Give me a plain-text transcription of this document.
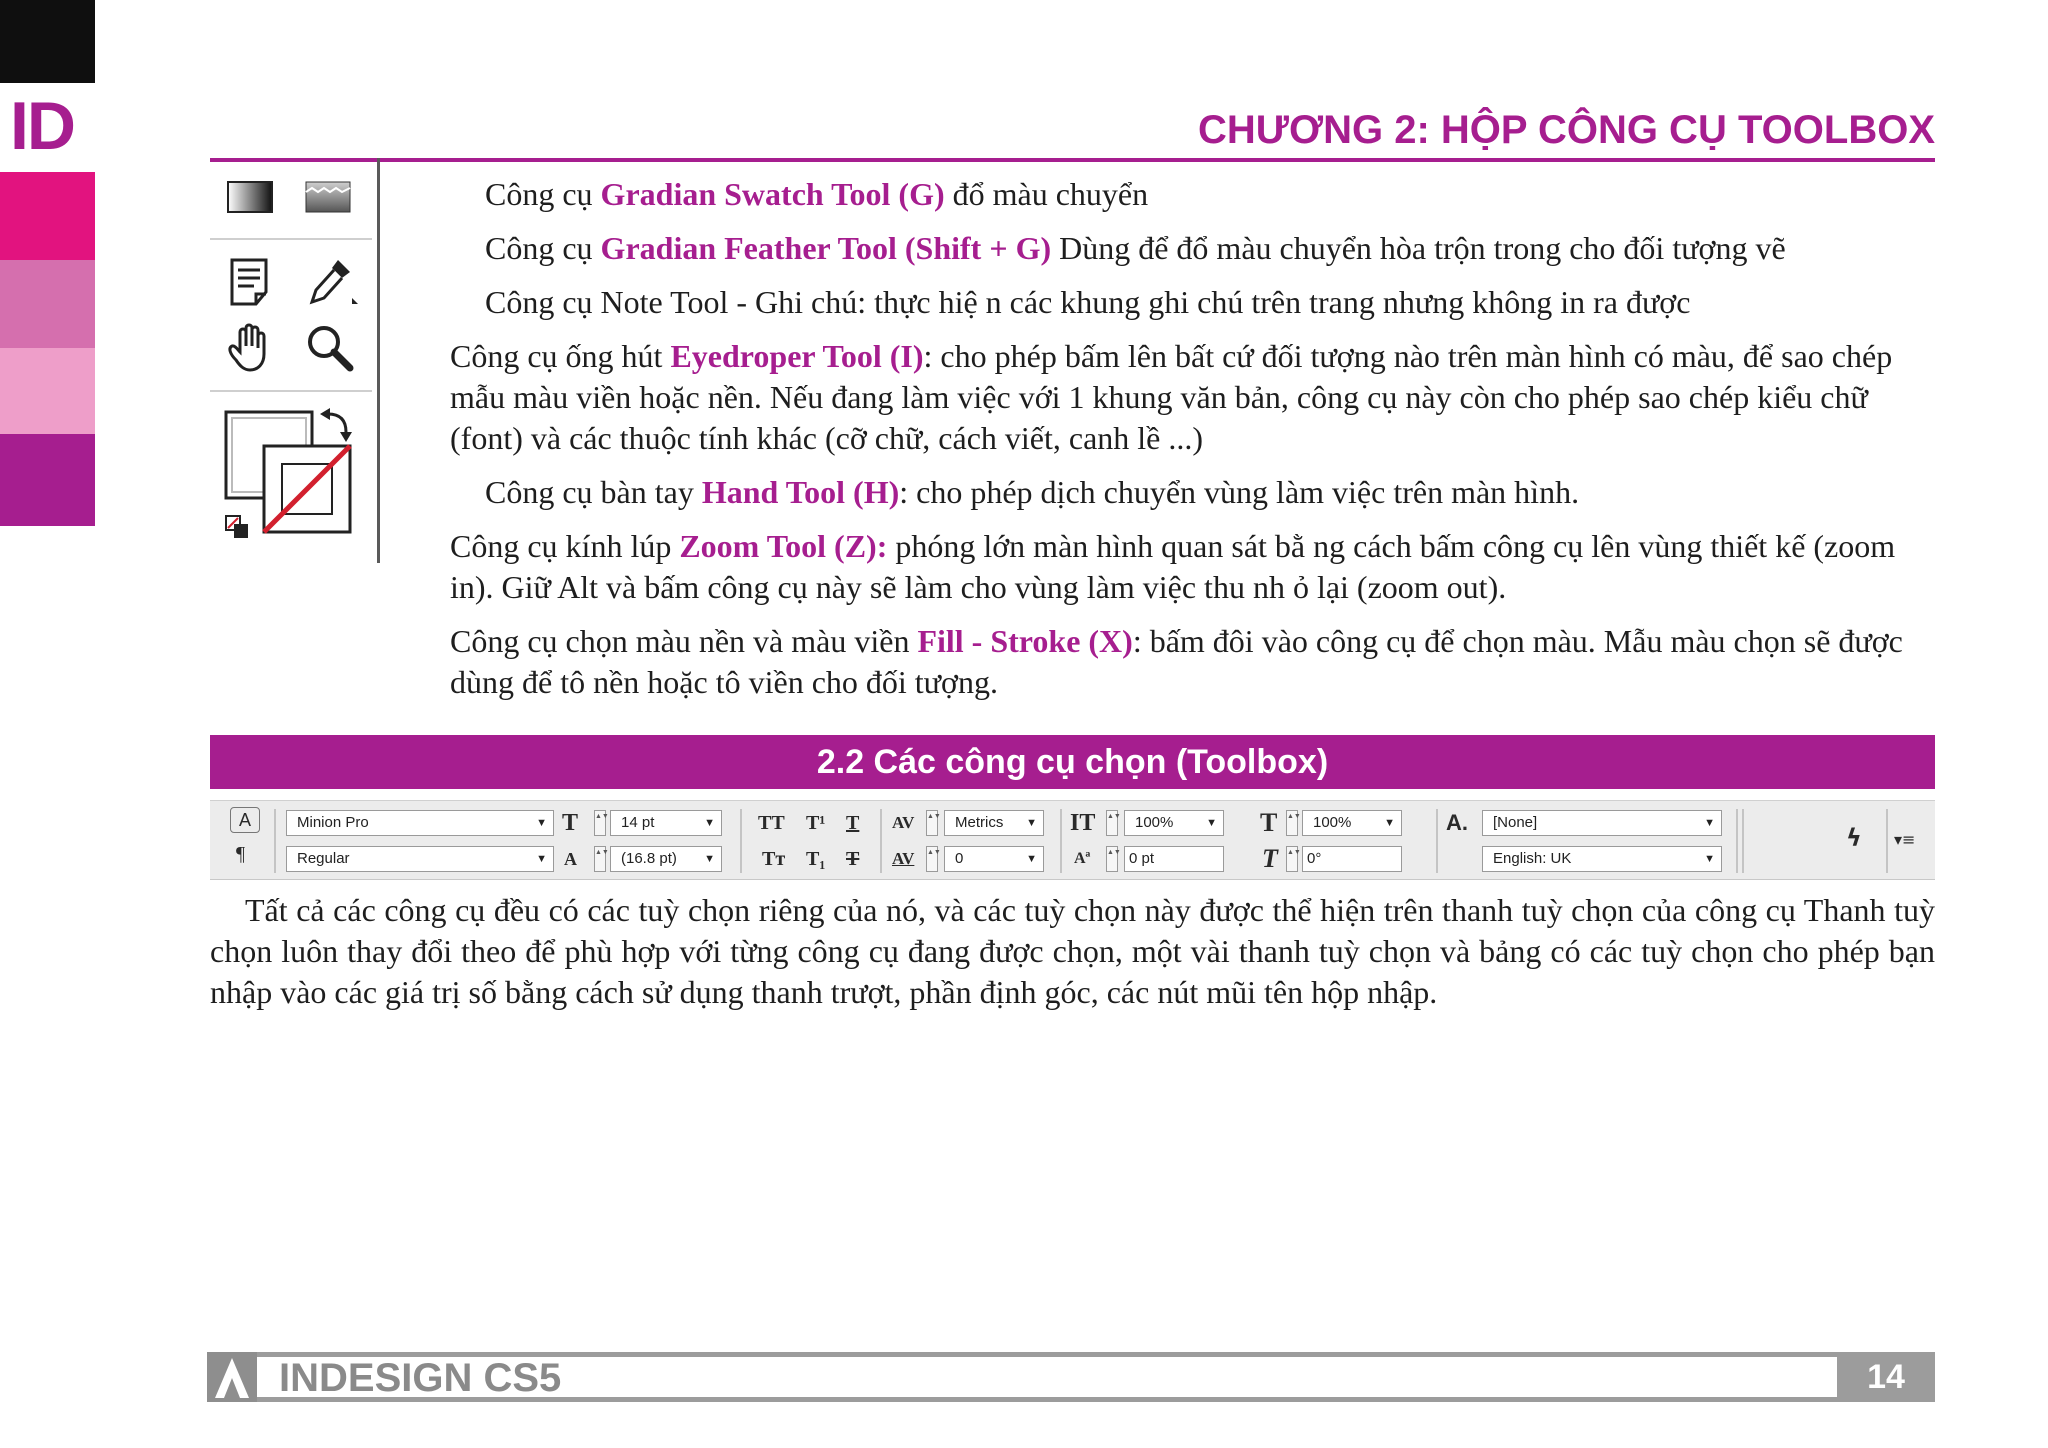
ID	CHƯƠNG 2: HỘP CÔNG CỤ TOOLBOX

Công cụ Gradian Swatch Tool (G) đổ màu chuyển

Công cụ Gradian Feather Tool (Shift + G) Dùng để đổ màu chuyển hòa trộn trong cho đối tượng vẽ

Công cụ Note Tool - Ghi chú: thực hiệ n các khung ghi chú trên trang nhưng không in ra được

Công cụ ống hút Eyedroper Tool (I): cho phép bấm lên bất cứ đối tượng nào trên màn hình có màu, để sao chép mẫu màu viền hoặc nền. Nếu đang làm việc với 1 khung văn bản, công cụ này còn cho phép sao chép kiểu chữ (font) và các thuộc tính khác (cỡ chữ, cách viết, canh lề ...)

Công cụ bàn tay Hand Tool (H): cho phép dịch chuyển vùng làm việc trên màn hình.

Công cụ kính lúp Zoom Tool (Z): phóng lớn màn hình quan sát bằ ng cách bấm công cụ lên vùng thiết kế (zoom in). Giữ Alt và bấm công cụ này sẽ làm cho vùng làm việc thu nh ỏ lại (zoom out).

Công cụ chọn màu nền và màu viền Fill - Stroke (X): bấm đôi vào công cụ để chọn màu. Mẫu màu chọn sẽ được dùng để tô nền hoặc tô viền cho đối tượng.

2.2 Các công cụ chọn (Toolbox)
A
¶
Minion Pro	▼
Regular	▼
T
A
▲▼
▲▼
14 pt	▼
(16.8 pt) ▼
TT T¹ T
Tт T₁ T
AV
AV
▲▼
▲▼
Metrics ▼
0	▼
IT
Aª
▲▼
▲▼
100%	▼
0 pt
T
T
▲▼
▲▼
100%	▼
0°
A.	[None]	▼
English: UK	▼
ϟ ▾≡

Tất cả các công cụ đều có các tuỳ chọn riêng của nó, và các tuỳ chọn này được thể hiện trên thanh tuỳ chọn của công cụ Thanh tuỳ chọn luôn thay đổi theo để phù hợp với từng công cụ đang được chọn, một vài thanh tuỳ chọn và bảng có các tuỳ chọn cho phép bạn nhập vào các giá trị số bằng cách sử dụng thanh trượt, phần định góc, các nút mũi tên hộp nhập.

INDESIGN CS5	14
